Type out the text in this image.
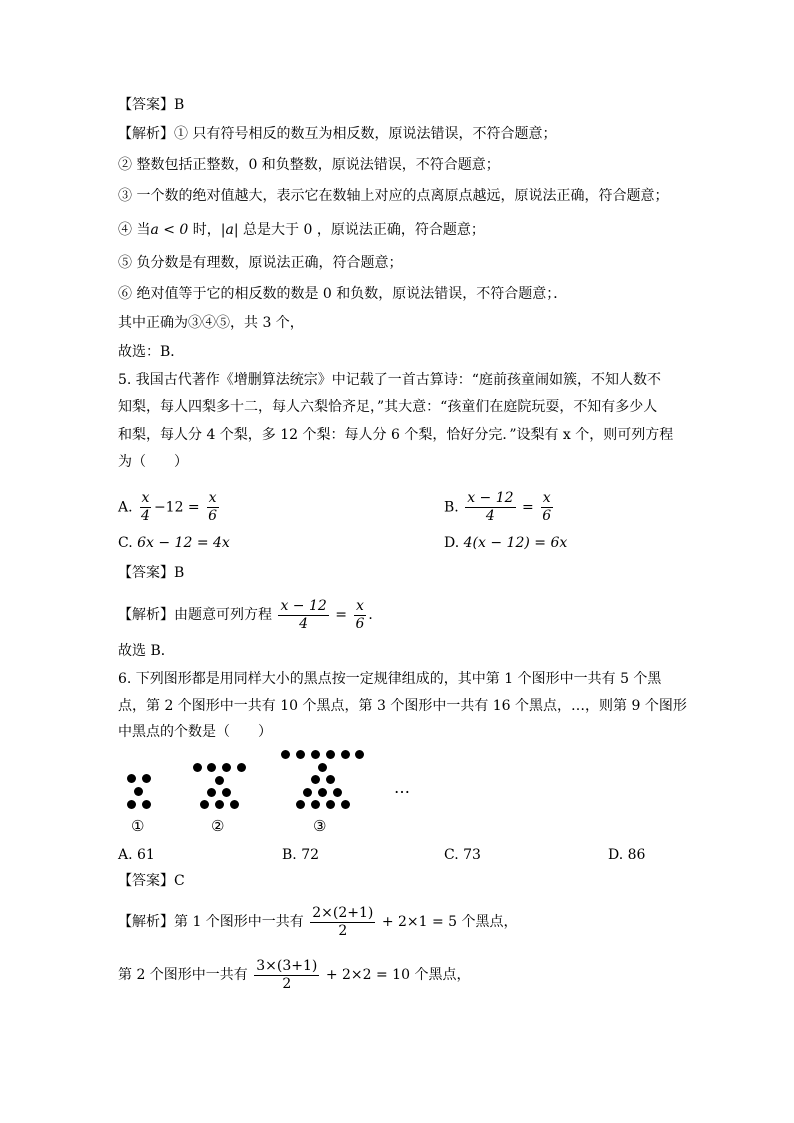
【答案】B
【解析】① 只有符号相反的数互为相反数，原说法错误，不符合题意；
② 整数包括正整数，0 和负整数，原说法错误，不符合题意；
③ 一个数的绝对值越大，表示它在数轴上对应的点离原点越远，原说法正确，符合题意；
④ 当a < 0 时，|a| 总是大于 0 ，原说法正确，符合题意；
⑤ 负分数是有理数，原说法正确，符合题意；
⑥ 绝对值等于它的相反数的数是 0 和负数，原说法错误，不符合题意；．
其中正确为③④⑤，共 3 个，
故选：B．
5. 我国古代著作《增删算法统宗》中记载了一首古算诗：“庭前孩童闹如簇，不知人数不
知梨，每人四梨多十二，每人六梨恰齐足，”其大意：“孩童们在庭院玩耍，不知有多少人
和梨，每人分 4 个梨，多 12 个梨：每人分 6 个梨，恰好分完．”设梨有 x 个，则可列方程
为（　　）
A. $\frac{x}{4} -12 = \frac{x}{6}$	B. $\frac{x - 12}{4} = \frac{x}{6}$
C. 6x − 12 = 4x	D. 4(x − 12) = 6x
【答案】B
【解析】由题意可列方程 $\frac{x - 12}{4} = \frac{x}{6}$ ．
故选 B．
6. 下列图形都是用同样大小的黑点按一定规律组成的，其中第 1 个图形中一共有 5 个黑
点，第 2 个图形中一共有 10 个黑点，第 3 个图形中一共有 16 个黑点，…，则第 9 个图形
中黑点的个数是（　　）
…
①	②	③
A. 61	B. 72	C. 73	D. 86
【答案】C
【解析】第 1 个图形中一共有 $\frac{2\times(2+1)}{2} + 2\times 1 = 5$ 个黑点，
第 2 个图形中一共有 $\frac{3\times(3+1)}{2} + 2\times 2 = 10$ 个黑点，
